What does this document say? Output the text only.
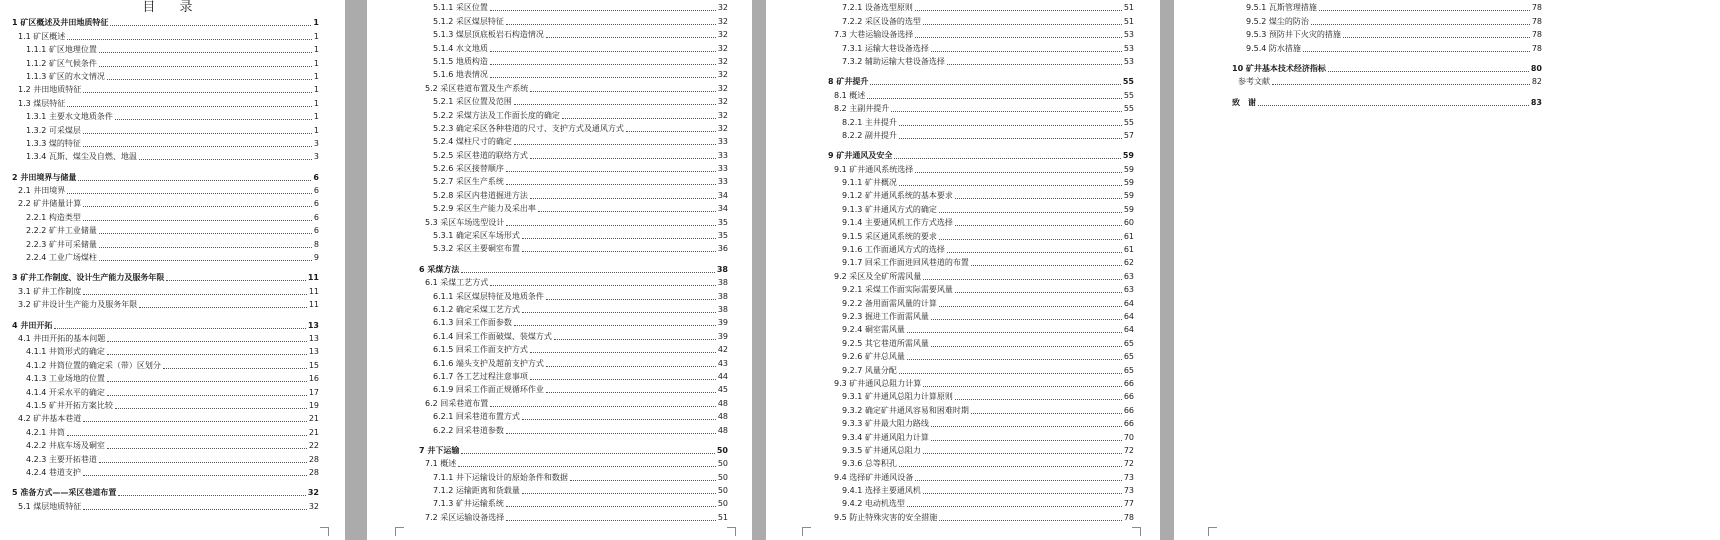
目 录
1 矿区概述及井田地质特征	1
1.1 矿区概述	1
1.1.1 矿区地理位置	1
1.1.2 矿区气候条件	1
1.1.3 矿区的水文情况	1
1.2 井田地质特征	1
1.3 煤层特征	1
1.3.1 主要水文地质条件	1
1.3.2 可采煤层	1
1.3.3 煤的特征	3
1.3.4 瓦斯、煤尘及自燃、地温	3
2 井田境界与储量	6
2.1 井田境界	6
2.2 矿井储量计算	6
2.2.1 构造类型	6
2.2.2 矿井工业储量	6
2.2.3 矿井可采储量	8
2.2.4 工业广场煤柱	9
3 矿井工作制度、设计生产能力及服务年限	11
3.1 矿井工作制度	11
3.2 矿井设计生产能力及服务年限	11
4 井田开拓	13
4.1 井田开拓的基本问题	13
4.1.1 井筒形式的确定	13
4.1.2 井筒位置的确定采（带）区划分	15
4.1.3 工业场地的位置	16
4.1.4 开采水平的确定	17
4.1.5 矿井开拓方案比较	19
4.2 矿井基本巷道	21
4.2.1 井筒	21
4.2.2 井底车场及硐室	22
4.2.3 主要开拓巷道	28
4.2.4 巷道支护	28
5 准备方式——采区巷道布置	32
5.1 煤层地质特征	32
5.1.1 采区位置	32
5.1.2 采区煤层特征	32
5.1.3 煤层顶底板岩石构造情况	32
5.1.4 水文地质	32
5.1.5 地质构造	32
5.1.6 地表情况	32
5.2 采区巷道布置及生产系统	32
5.2.1 采区位置及范围	32
5.2.2 采煤方法及工作面长度的确定	32
5.2.3 确定采区各种巷道的尺寸、支护方式及通风方式	32
5.2.4 煤柱尺寸的确定	33
5.2.5 采区巷道的联络方式	33
5.2.6 采区接替顺序	33
5.2.7 采区生产系统	33
5.2.8 采区内巷道掘进方法	34
5.2.9 采区生产能力及采出率	34
5.3 采区车场选型设计	35
5.3.1 确定采区车场形式	35
5.3.2 采区主要硐室布置	36
6 采煤方法	38
6.1 采煤工艺方式	38
6.1.1 采区煤层特征及地质条件	38
6.1.2 确定采煤工艺方式	38
6.1.3 回采工作面参数	39
6.1.4 回采工作面破煤、装煤方式	39
6.1.5 回采工作面支护方式	42
6.1.6 端头支护及超前支护方式	43
6.1.7 各工艺过程注意事项	44
6.1.9 回采工作面正规循环作业	45
6.2 回采巷道布置	48
6.2.1 回采巷道布置方式	48
6.2.2 回采巷道参数	48
7 井下运输	50
7.1 概述	50
7.1.1 井下运输设计的原始条件和数据	50
7.1.2 运输距离和货载量	50
7.1.3 矿井运输系统	50
7.2 采区运输设备选择	51
7.2.1 设备选型原则	51
7.2.2 采区设备的选型	51
7.3 大巷运输设备选择	53
7.3.1 运输大巷设备选择	53
7.3.2 辅助运输大巷设备选择	53
8 矿井提升	55
8.1 概述	55
8.2 主副井提升	55
8.2.1 主井提升	55
8.2.2 副井提升	57
9 矿井通风及安全	59
9.1 矿井通风系统选择	59
9.1.1 矿井概况	59
9.1.2 矿井通风系统的基本要求	59
9.1.3 矿井通风方式的确定	59
9.1.4 主要通风机工作方式选择	60
9.1.5 采区通风系统的要求	61
9.1.6 工作面通风方式的选择	61
9.1.7 回采工作面进回风巷道的布置	62
9.2 采区及全矿所需风量	63
9.2.1 采煤工作面实际需要风量	63
9.2.2 备用面需风量的计算	64
9.2.3 掘进工作面需风量	64
9.2.4 硐室需风量	64
9.2.5 其它巷道所需风量	65
9.2.6 矿井总风量	65
9.2.7 风量分配	65
9.3 矿井通风总阻力计算	66
9.3.1 矿井通风总阻力计算原则	66
9.3.2 确定矿井通风容易和困难时期	66
9.3.3 矿井最大阻力路线	66
9.3.4 矿井通风阻力计算	70
9.3.5 矿井通风总阻力	72
9.3.6 总等积孔	72
9.4 选择矿井通风设备	73
9.4.1 选择主要通风机	73
9.4.2 电动机选型	77
9.5 防止特殊灾害的安全措施	78
9.5.1 瓦斯管理措施	78
9.5.2 煤尘的防治	78
9.5.3 预防井下火灾的措施	78
9.5.4 防水措施	78
10 矿井基本技术经济指标	80
参考文献	82
致　谢	83
